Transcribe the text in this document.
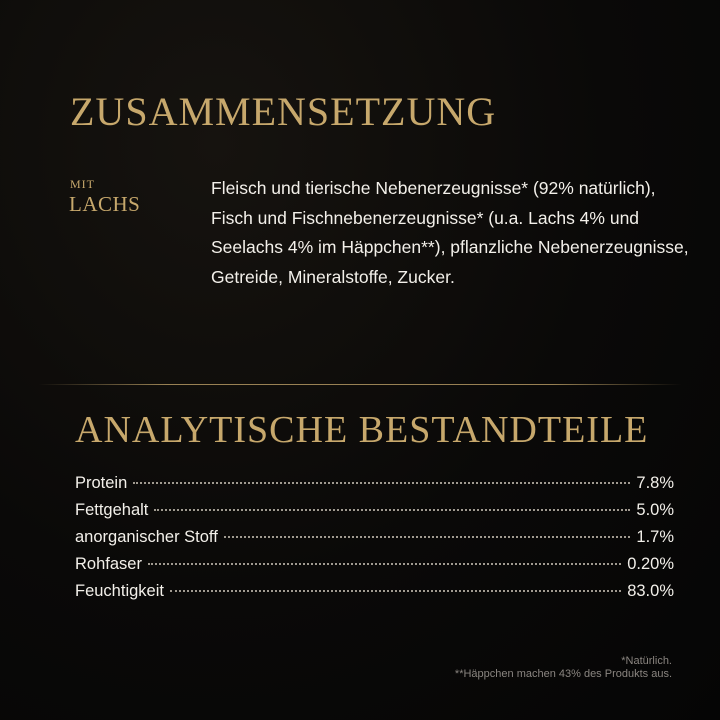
ZUSAMMENSETZUNG
MIT
LACHS

Fleisch und tierische Nebenerzeugnisse* (92% natürlich), Fisch und Fischnebenerzeugnisse* (u.a. Lachs 4% und Seelachs 4% im Häppchen**), pflanzliche Nebenerzeugnisse, Getreide, Mineralstoffe, Zucker.

ANALYTISCHE BESTANDTEILE
Protein	7.8%
Fettgehalt	5.0%
anorganischer Stoff	1.7%
Rohfaser	0.20%
Feuchtigkeit	83.0%
*Natürlich.
**Häppchen machen 43% des Produkts aus.
